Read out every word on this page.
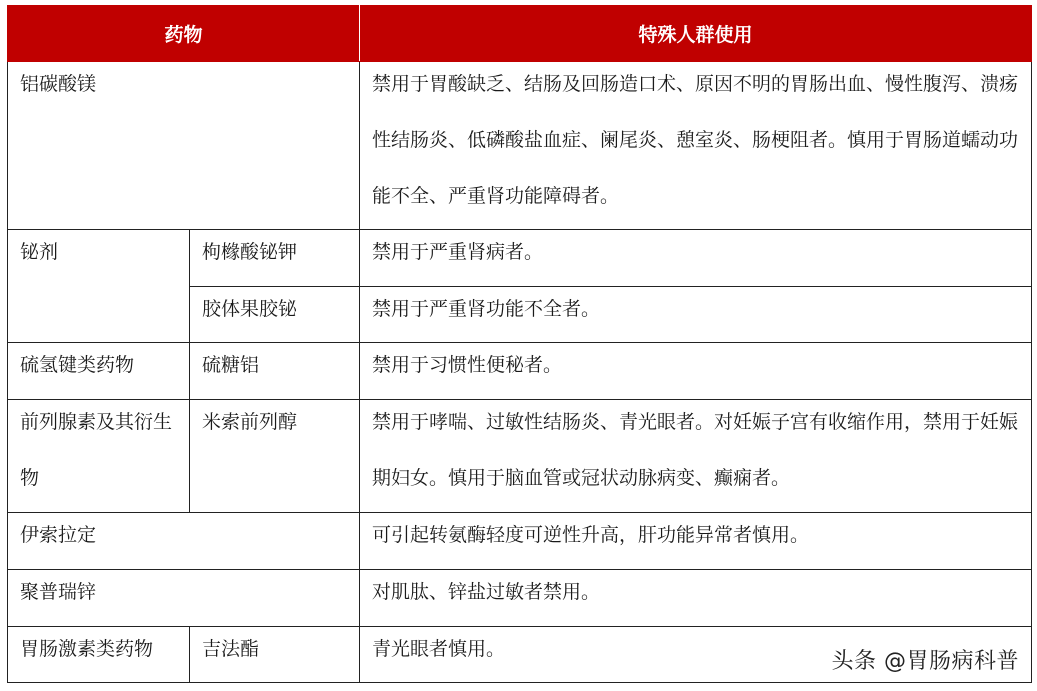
药物		特殊人群使用

铝碳酸镁		禁用于胃酸缺乏、结肠及回肠造口术、原因不明的胃肠出血、慢性腹泻、溃疡性结肠炎、低磷酸盐血症、阑尾炎、憩室炎、肠梗阻者。慎用于胃肠道蠕动功能不全、严重肾功能障碍者。

铋剂	枸橼酸铋钾	禁用于严重肾病者。

	胶体果胶铋	禁用于严重肾功能不全者。

硫氢键类药物	硫糖铝	禁用于习惯性便秘者。

前列腺素及其衍生物	米索前列醇	禁用于哮喘、过敏性结肠炎、青光眼者。对妊娠子宫有收缩作用，禁用于妊娠期妇女。慎用于脑血管或冠状动脉病变、癫痫者。

伊索拉定		可引起转氨酶轻度可逆性升高，肝功能异常者慎用。

聚普瑞锌		对肌肽、锌盐过敏者禁用。

胃肠激素类药物	吉法酯	青光眼者慎用。	头条 @胃肠病科普
